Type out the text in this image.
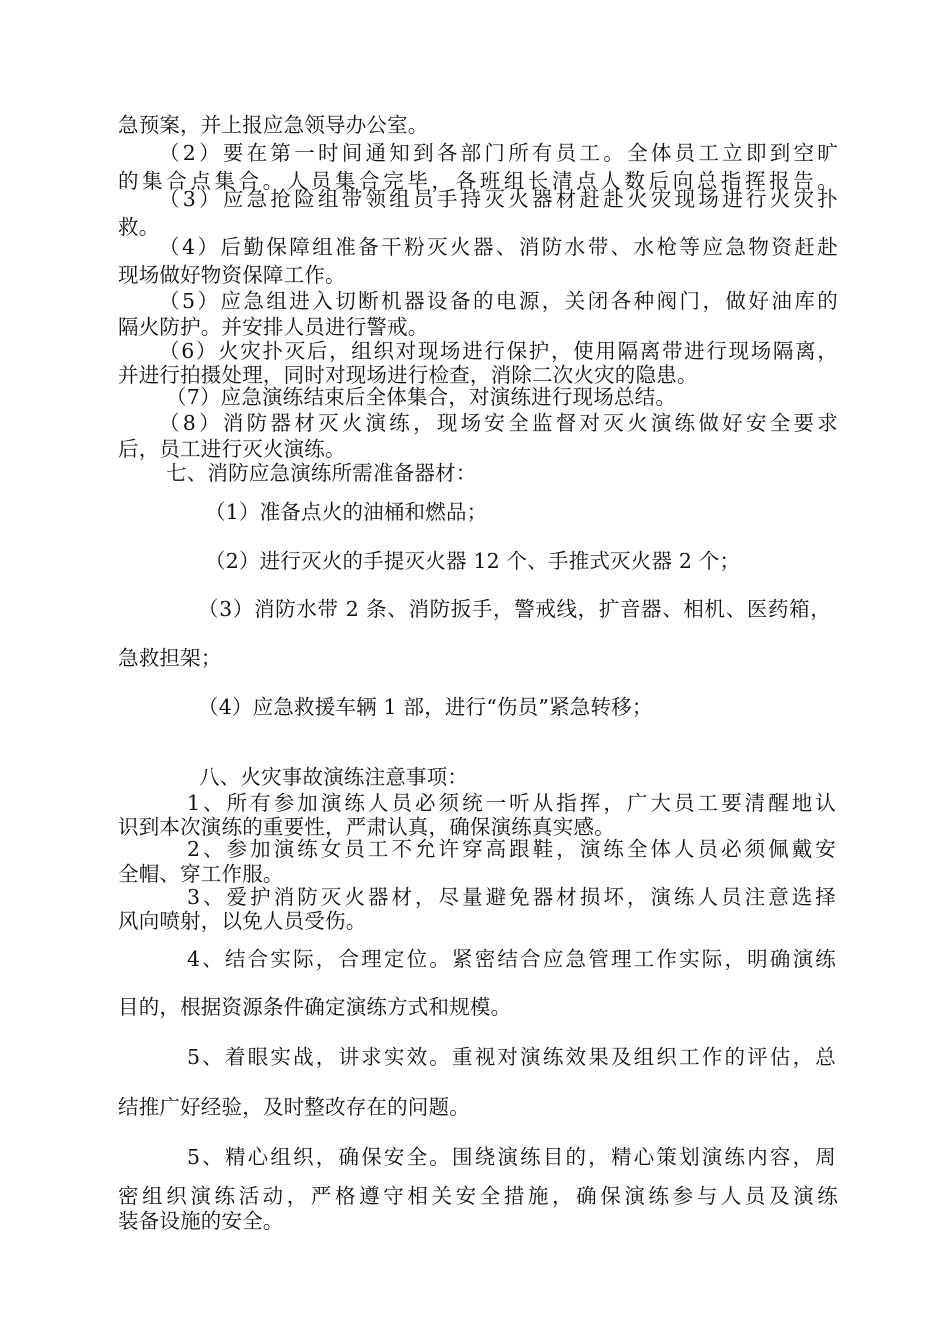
急预案，并上报应急领导办公室。
（2）要在第一时间通知到各部门所有员工。全体员工立即到空旷
的集合点集合。人员集合完毕，各班组长清点人数后向总指挥报告。
（3）应急抢险组带领组员手持灭火器材赶赴火灾现场进行火灾扑
救。
（4）后勤保障组准备干粉灭火器、消防水带、水枪等应急物资赶赴
现场做好物资保障工作。
（5）应急组进入切断机器设备的电源，关闭各种阀门，做好油库的
隔火防护。并安排人员进行警戒。
（6）火灾扑灭后，组织对现场进行保护，使用隔离带进行现场隔离，
并进行拍摄处理，同时对现场进行检查，消除二次火灾的隐患。
（7）应急演练结束后全体集合，对演练进行现场总结。
（8）消防器材灭火演练，现场安全监督对灭火演练做好安全要求
后，员工进行灭火演练。
七、消防应急演练所需准备器材：
（1）准备点火的油桶和燃品；
（2）进行灭火的手提灭火器 12 个、手推式灭火器 2 个；
（3）消防水带 2 条、消防扳手，警戒线，扩音器、相机、医药箱，
急救担架；
（4）应急救援车辆 1 部，进行“伤员”紧急转移；
八、火灾事故演练注意事项：
1、所有参加演练人员必须统一听从指挥，广大员工要清醒地认
识到本次演练的重要性，严肃认真，确保演练真实感。
2、参加演练女员工不允许穿高跟鞋，演练全体人员必须佩戴安
全帽、穿工作服。
3、爱护消防灭火器材，尽量避免器材损坏，演练人员注意选择
风向喷射，以免人员受伤。
4、结合实际，合理定位。紧密结合应急管理工作实际，明确演练
目的，根据资源条件确定演练方式和规模。
5、着眼实战，讲求实效。重视对演练效果及组织工作的评估，总
结推广好经验，及时整改存在的问题。
5、精心组织，确保安全。围绕演练目的，精心策划演练内容，周
密组织演练活动，严格遵守相关安全措施，确保演练参与人员及演练
装备设施的安全。
